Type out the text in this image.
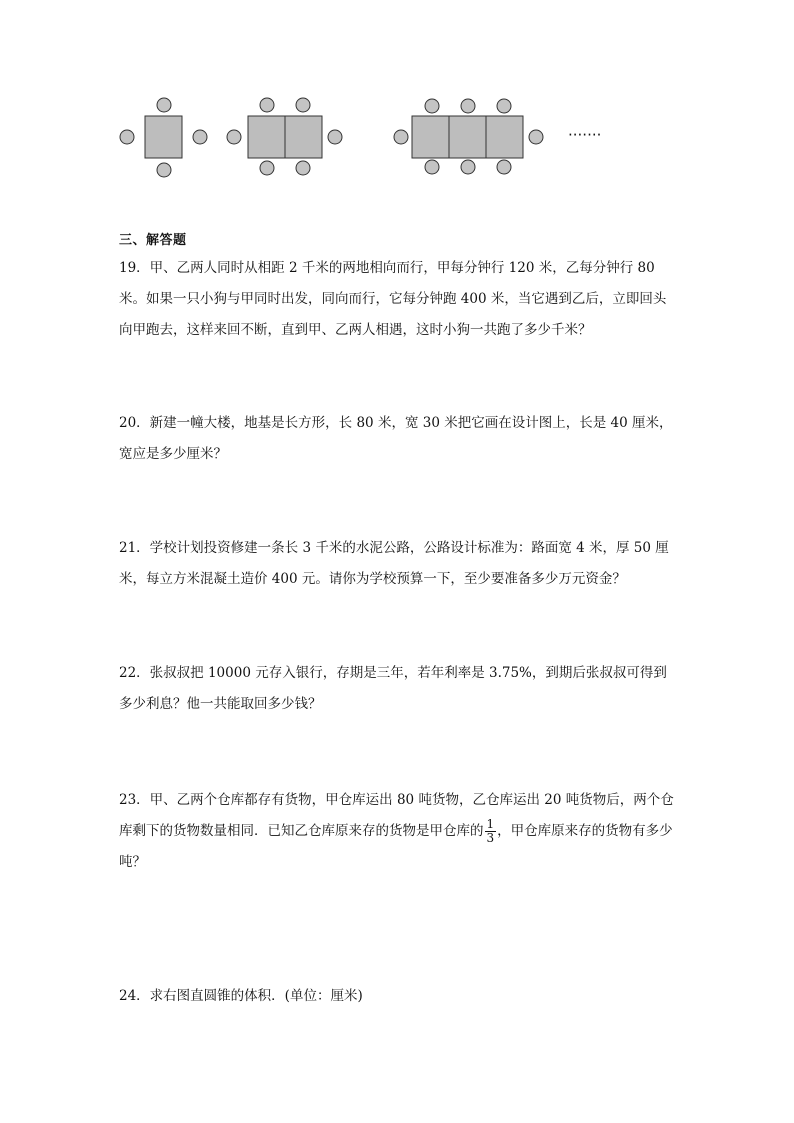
·······
三、解答题
19．甲、乙两人同时从相距 2 千米的两地相向而行，甲每分钟行 120 米，乙每分钟行 80 米。如果一只小狗与甲同时出发，同向而行，它每分钟跑 400 米，当它遇到乙后，立即回头向甲跑去，这样来回不断，直到甲、乙两人相遇，这时小狗一共跑了多少千米？
20．新建一幢大楼，地基是长方形，长 80 米，宽 30 米把它画在设计图上，长是 40 厘米，宽应是多少厘米？
21．学校计划投资修建一条长 3 千米的水泥公路，公路设计标准为：路面宽 4 米，厚 50 厘米，每立方米混凝土造价 400 元。请你为学校预算一下，至少要准备多少万元资金？
22．张叔叔把 10000 元存入银行，存期是三年，若年利率是 3.75%，到期后张叔叔可得到多少利息？他一共能取回多少钱？
23．甲、乙两个仓库都存有货物，甲仓库运出 80 吨货物，乙仓库运出 20 吨货物后，两个仓库剩下的货物数量相同．已知乙仓库原来存的货物是甲仓库的 $\frac{1}{3}$ ，甲仓库原来存的货物有多少吨？
24．求右图直圆锥的体积．(单位：厘米)
